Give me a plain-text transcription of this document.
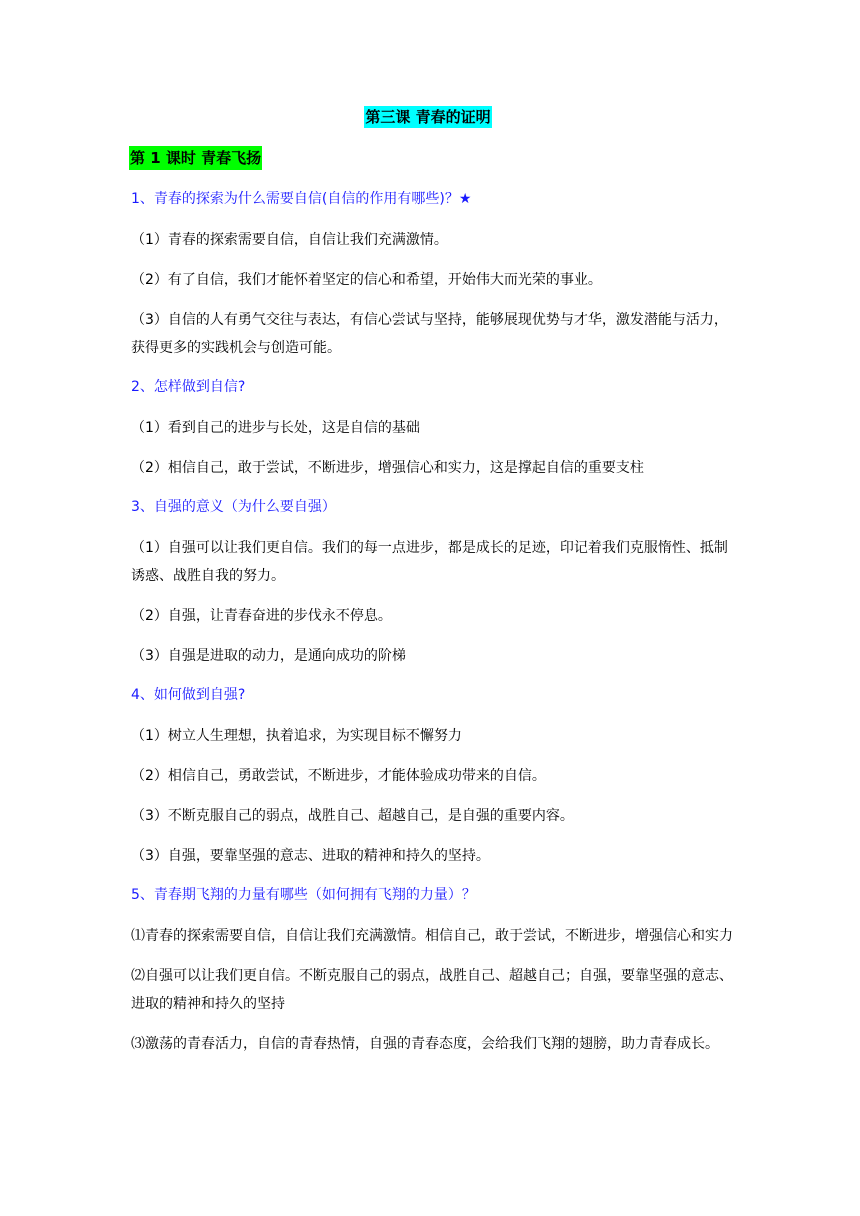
第三课 青春的证明
第 1 课时 青春飞扬
1、青春的探索为什么需要自信(自信的作用有哪些)？★
（1）青春的探索需要自信，自信让我们充满激情。
（2）有了自信，我们才能怀着坚定的信心和希望，开始伟大而光荣的事业。
（3）自信的人有勇气交往与表达，有信心尝试与坚持，能够展现优势与才华，激发潜能与活力，获得更多的实践机会与创造可能。
2、怎样做到自信?
（1）看到自己的进步与长处，这是自信的基础
（2）相信自己，敢于尝试，不断进步，增强信心和实力，这是撑起自信的重要支柱
3、自强的意义（为什么要自强）
（1）自强可以让我们更自信。我们的每一点进步，都是成长的足迹，印记着我们克服惰性、抵制诱惑、战胜自我的努力。
（2）自强，让青春奋进的步伐永不停息。
（3）自强是进取的动力，是通向成功的阶梯
4、如何做到自强?
（1）树立人生理想，执着追求，为实现目标不懈努力
（2）相信自己，勇敢尝试，不断进步，才能体验成功带来的自信。
（3）不断克服自己的弱点，战胜自己、超越自己，是自强的重要内容。
（3）自强，要靠坚强的意志、进取的精神和持久的坚持。
5、青春期飞翔的力量有哪些（如何拥有飞翔的力量）？
⑴青春的探索需要自信，自信让我们充满激情。相信自己，敢于尝试，不断进步，增强信心和实力
⑵自强可以让我们更自信。不断克服自己的弱点，战胜自己、超越自己；自强，要靠坚强的意志、进取的精神和持久的坚持
⑶激荡的青春活力，自信的青春热情，自强的青春态度，会给我们飞翔的翅膀，助力青春成长。
